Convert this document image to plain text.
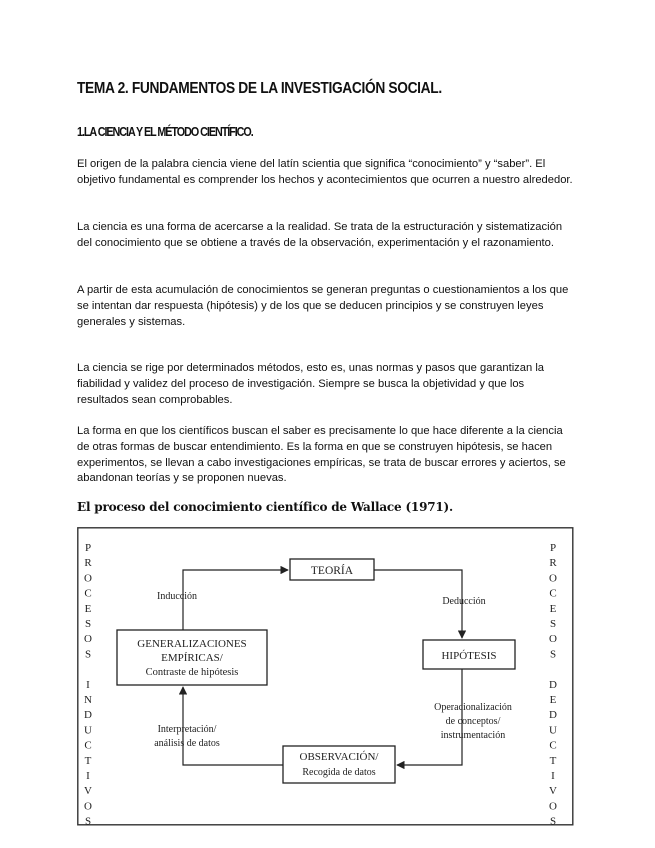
TEMA 2. FUNDAMENTOS DE LA INVESTIGACIÓN SOCIAL.
1.LA CIENCIA Y EL MÉTODO CIENTÍFICO.

El origen de la palabra ciencia viene del latín scientia que significa “conocimiento” y “saber”. El objetivo fundamental es comprender los hechos y acontecimientos que ocurren a nuestro alrededor.

La ciencia es una forma de acercarse a la realidad. Se trata de la estructuración y sistematización del conocimiento que se obtiene a través de la observación, experimentación y el razonamiento.

A partir de esta acumulación de conocimientos se generan preguntas o cuestionamientos a los que se intentan dar respuesta (hipótesis) y de los que se deducen principios y se construyen leyes generales y sistemas.

La ciencia se rige por determinados métodos, esto es, unas normas y pasos que garantizan la fiabilidad y validez del proceso de investigación. Siempre se busca la objetividad y que los resultados sean comprobables.

La forma en que los científicos buscan el saber es precisamente lo que hace diferente a la ciencia de otras formas de buscar entendimiento. Es la forma en que se construyen hipótesis, se hacen experimentos, se llevan a cabo investigaciones empíricas, se trata de buscar errores y aciertos, se abandonan teorías y se proponen nuevas.

El proceso del conocimiento científico de Wallace (1971).
P
R
O
C
E
S
O
S
I
N
D
U
C
T
I
V
O
S
P
R
O
C
E
S
O
S
D
E
D
U
C
T
I
V
O
S
TEORÍA
GENERALIZACIONES
EMPÍRICAS/
Contraste de hipótesis
HIPÓTESIS
OBSERVACIÓN/
Recogida de datos
Inducción	Deducción
Operacionalización
de conceptos/
instrumentación
Interpretación/
análisis de datos
